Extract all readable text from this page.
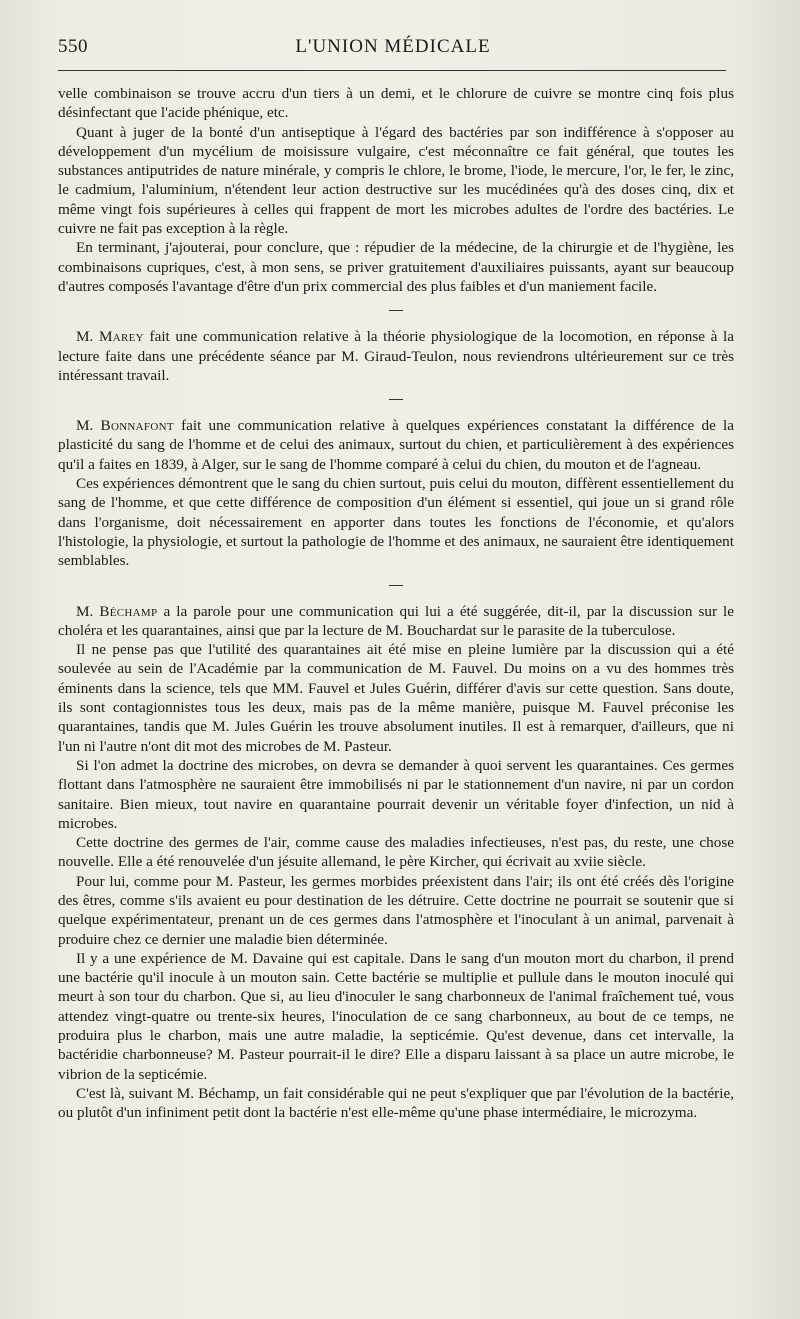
550	L'UNION MÉDICALE

velle combinaison se trouve accru d'un tiers à un demi, et le chlorure de cuivre se montre cinq fois plus désinfectant que l'acide phénique, etc.

Quant à juger de la bonté d'un antiseptique à l'égard des bactéries par son indifférence à s'opposer au développement d'un mycélium de moisissure vulgaire, c'est méconnaître ce fait général, que toutes les substances antiputrides de nature minérale, y compris le chlore, le brome, l'iode, le mercure, l'or, le fer, le zinc, le cadmium, l'aluminium, n'étendent leur action destructive sur les mucédinées qu'à des doses cinq, dix et même vingt fois supérieures à celles qui frappent de mort les microbes adultes de l'ordre des bactéries. Le cuivre ne fait pas exception à la règle.

En terminant, j'ajouterai, pour conclure, que : répudier de la médecine, de la chirurgie et de l'hygiène, les combinaisons cupriques, c'est, à mon sens, se priver gratuitement d'auxiliaires puissants, ayant sur beaucoup d'autres composés l'avantage d'être d'un prix commercial des plus faibles et d'un maniement facile.

M. Marey fait une communication relative à la théorie physiologique de la locomotion, en réponse à la lecture faite dans une précédente séance par M. Giraud-Teulon, nous reviendrons ultérieurement sur ce très intéressant travail.

M. Bonnafont fait une communication relative à quelques expériences constatant la différence de la plasticité du sang de l'homme et de celui des animaux, surtout du chien, et particulièrement à des expériences qu'il a faites en 1839, à Alger, sur le sang de l'homme comparé à celui du chien, du mouton et de l'agneau.

Ces expériences démontrent que le sang du chien surtout, puis celui du mouton, diffèrent essentiellement du sang de l'homme, et que cette différence de composition d'un élément si essentiel, qui joue un si grand rôle dans l'organisme, doit nécessairement en apporter dans toutes les fonctions de l'économie, et qu'alors l'histologie, la physiologie, et surtout la pathologie de l'homme et des animaux, ne sauraient être identiquement semblables.

M. Béchamp a la parole pour une communication qui lui a été suggérée, dit-il, par la discussion sur le choléra et les quarantaines, ainsi que par la lecture de M. Bouchardat sur le parasite de la tuberculose.

Il ne pense pas que l'utilité des quarantaines ait été mise en pleine lumière par la discussion qui a été soulevée au sein de l'Académie par la communication de M. Fauvel. Du moins on a vu des hommes très éminents dans la science, tels que MM. Fauvel et Jules Guérin, différer d'avis sur cette question. Sans doute, ils sont contagionnistes tous les deux, mais pas de la même manière, puisque M. Fauvel préconise les quarantaines, tandis que M. Jules Guérin les trouve absolument inutiles. Il est à remarquer, d'ailleurs, que ni l'un ni l'autre n'ont dit mot des microbes de M. Pasteur.

Si l'on admet la doctrine des microbes, on devra se demander à quoi servent les quarantaines. Ces germes flottant dans l'atmosphère ne sauraient être immobilisés ni par le stationnement d'un navire, ni par un cordon sanitaire. Bien mieux, tout navire en quarantaine pourrait devenir un véritable foyer d'infection, un nid à microbes.

Cette doctrine des germes de l'air, comme cause des maladies infectieuses, n'est pas, du reste, une chose nouvelle. Elle a été renouvelée d'un jésuite allemand, le père Kircher, qui écrivait au xviie siècle.

Pour lui, comme pour M. Pasteur, les germes morbides préexistent dans l'air; ils ont été créés dès l'origine des êtres, comme s'ils avaient eu pour destination de les détruire. Cette doctrine ne pourrait se soutenir que si quelque expérimentateur, prenant un de ces germes dans l'atmosphère et l'inoculant à un animal, parvenait à produire chez ce dernier une maladie bien déterminée.

Il y a une expérience de M. Davaine qui est capitale. Dans le sang d'un mouton mort du charbon, il prend une bactérie qu'il inocule à un mouton sain. Cette bactérie se multiplie et pullule dans le mouton inoculé qui meurt à son tour du charbon. Que si, au lieu d'inoculer le sang charbonneux de l'animal fraîchement tué, vous attendez vingt-quatre ou trente-six heures, l'inoculation de ce sang charbonneux, au bout de ce temps, ne produira plus le charbon, mais une autre maladie, la septicémie. Qu'est devenue, dans cet intervalle, la bactéridie charbonneuse? M. Pasteur pourrait-il le dire? Elle a disparu laissant à sa place un autre microbe, le vibrion de la septicémie.

C'est là, suivant M. Béchamp, un fait considérable qui ne peut s'expliquer que par l'évolution de la bactérie, ou plutôt d'un infiniment petit dont la bactérie n'est elle-même qu'une phase intermédiaire, le microzyma.
